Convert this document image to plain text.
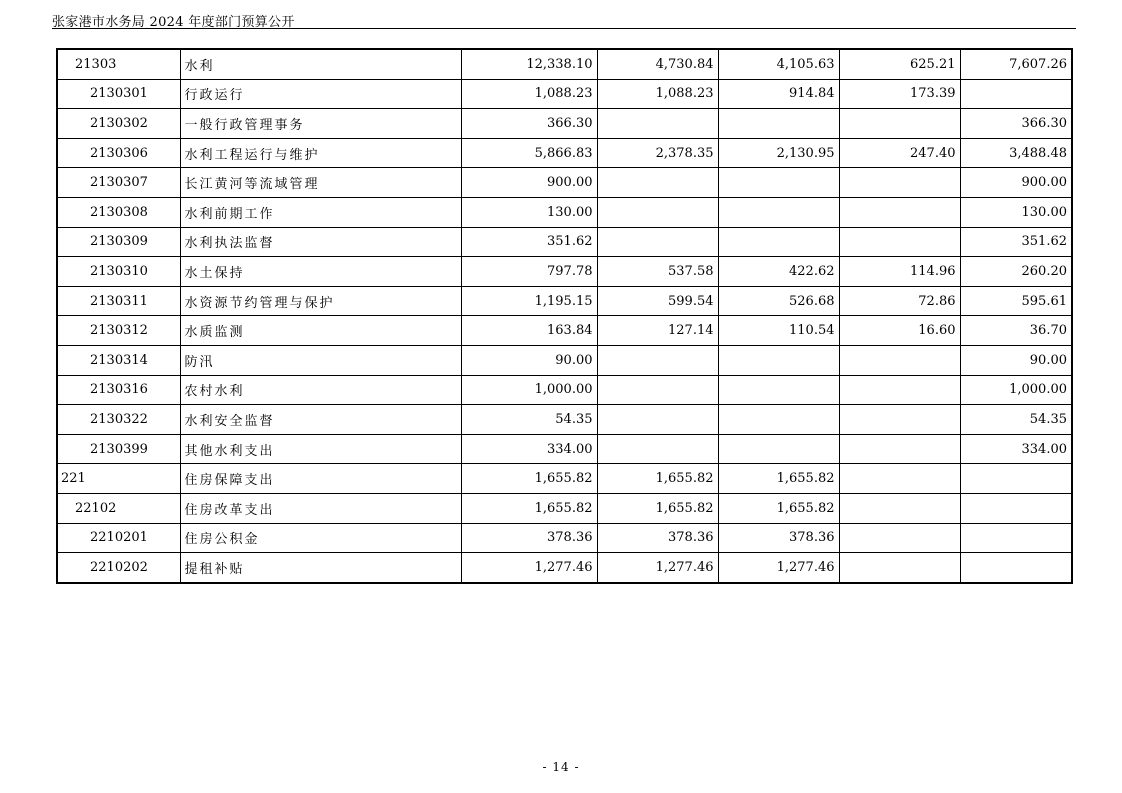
张家港市水务局 2024 年度部门预算公开
21303	水利	12,338.10	4,730.84	4,105.63	625.21	7,607.26
2130301	行政运行	1,088.23	1,088.23	914.84	173.39	
2130302	一般行政管理事务	366.30				366.30
2130306	水利工程运行与维护	5,866.83	2,378.35	2,130.95	247.40	3,488.48
2130307	长江黄河等流域管理	900.00				900.00
2130308	水利前期工作	130.00				130.00
2130309	水利执法监督	351.62				351.62
2130310	水土保持	797.78	537.58	422.62	114.96	260.20
2130311	水资源节约管理与保护	1,195.15	599.54	526.68	72.86	595.61
2130312	水质监测	163.84	127.14	110.54	16.60	36.70
2130314	防汛	90.00				90.00
2130316	农村水利	1,000.00				1,000.00
2130322	水利安全监督	54.35				54.35
2130399	其他水利支出	334.00				334.00
221	住房保障支出	1,655.82	1,655.82	1,655.82		
22102	住房改革支出	1,655.82	1,655.82	1,655.82		
2210201	住房公积金	378.36	378.36	378.36		
2210202	提租补贴	1,277.46	1,277.46	1,277.46		
- 14 -
